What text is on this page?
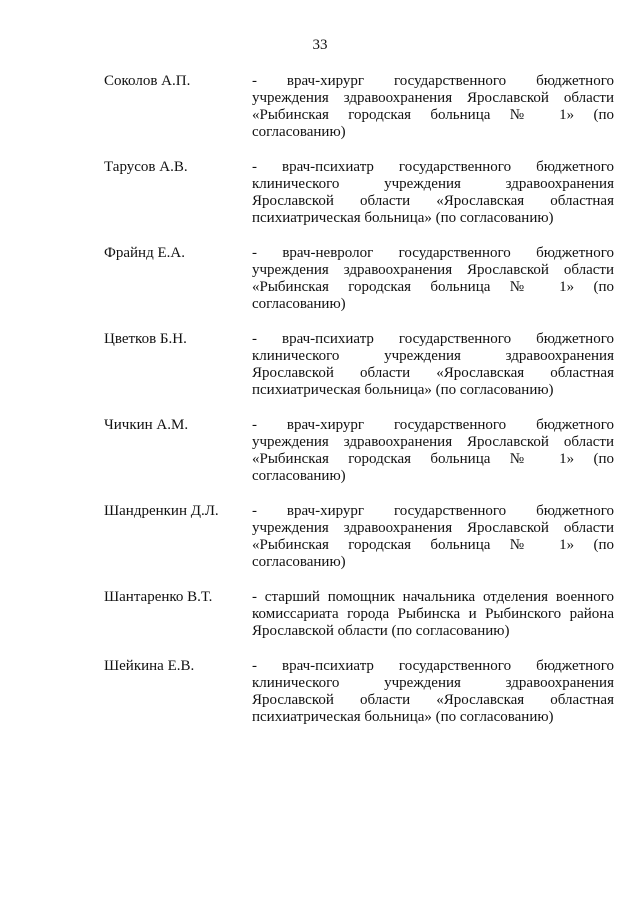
33
Соколов А.П.	- врач-хирург государственного бюджетного учреждения здравоохранения Ярославской области «Рыбинская городская больница № 1» (по согласованию)
Тарусов А.В.	- врач-психиатр государственного бюджетного клинического учреждения здравоохранения Ярославской области «Ярославская областная психиатрическая больница» (по согласованию)
Фрайнд Е.А.	- врач-невролог государственного бюджетного учреждения здравоохранения Ярославской области «Рыбинская городская больница № 1» (по согласованию)
Цветков Б.Н.	- врач-психиатр государственного бюджетного клинического учреждения здравоохранения Ярославской области «Ярославская областная психиатрическая больница» (по согласованию)
Чичкин А.М.	- врач-хирург государственного бюджетного учреждения здравоохранения Ярославской области «Рыбинская городская больница № 1» (по согласованию)
Шандренкин Д.Л.	- врач-хирург государственного бюджетного учреждения здравоохранения Ярославской области «Рыбинская городская больница № 1» (по согласованию)
Шантаренко В.Т.	- старший помощник начальника отделения военного комиссариата города Рыбинска и Рыбинского района Ярославской области (по согласованию)
Шейкина Е.В.	- врач-психиатр государственного бюджетного клинического учреждения здравоохранения Ярославской области «Ярославская областная психиатрическая больница» (по согласованию)
